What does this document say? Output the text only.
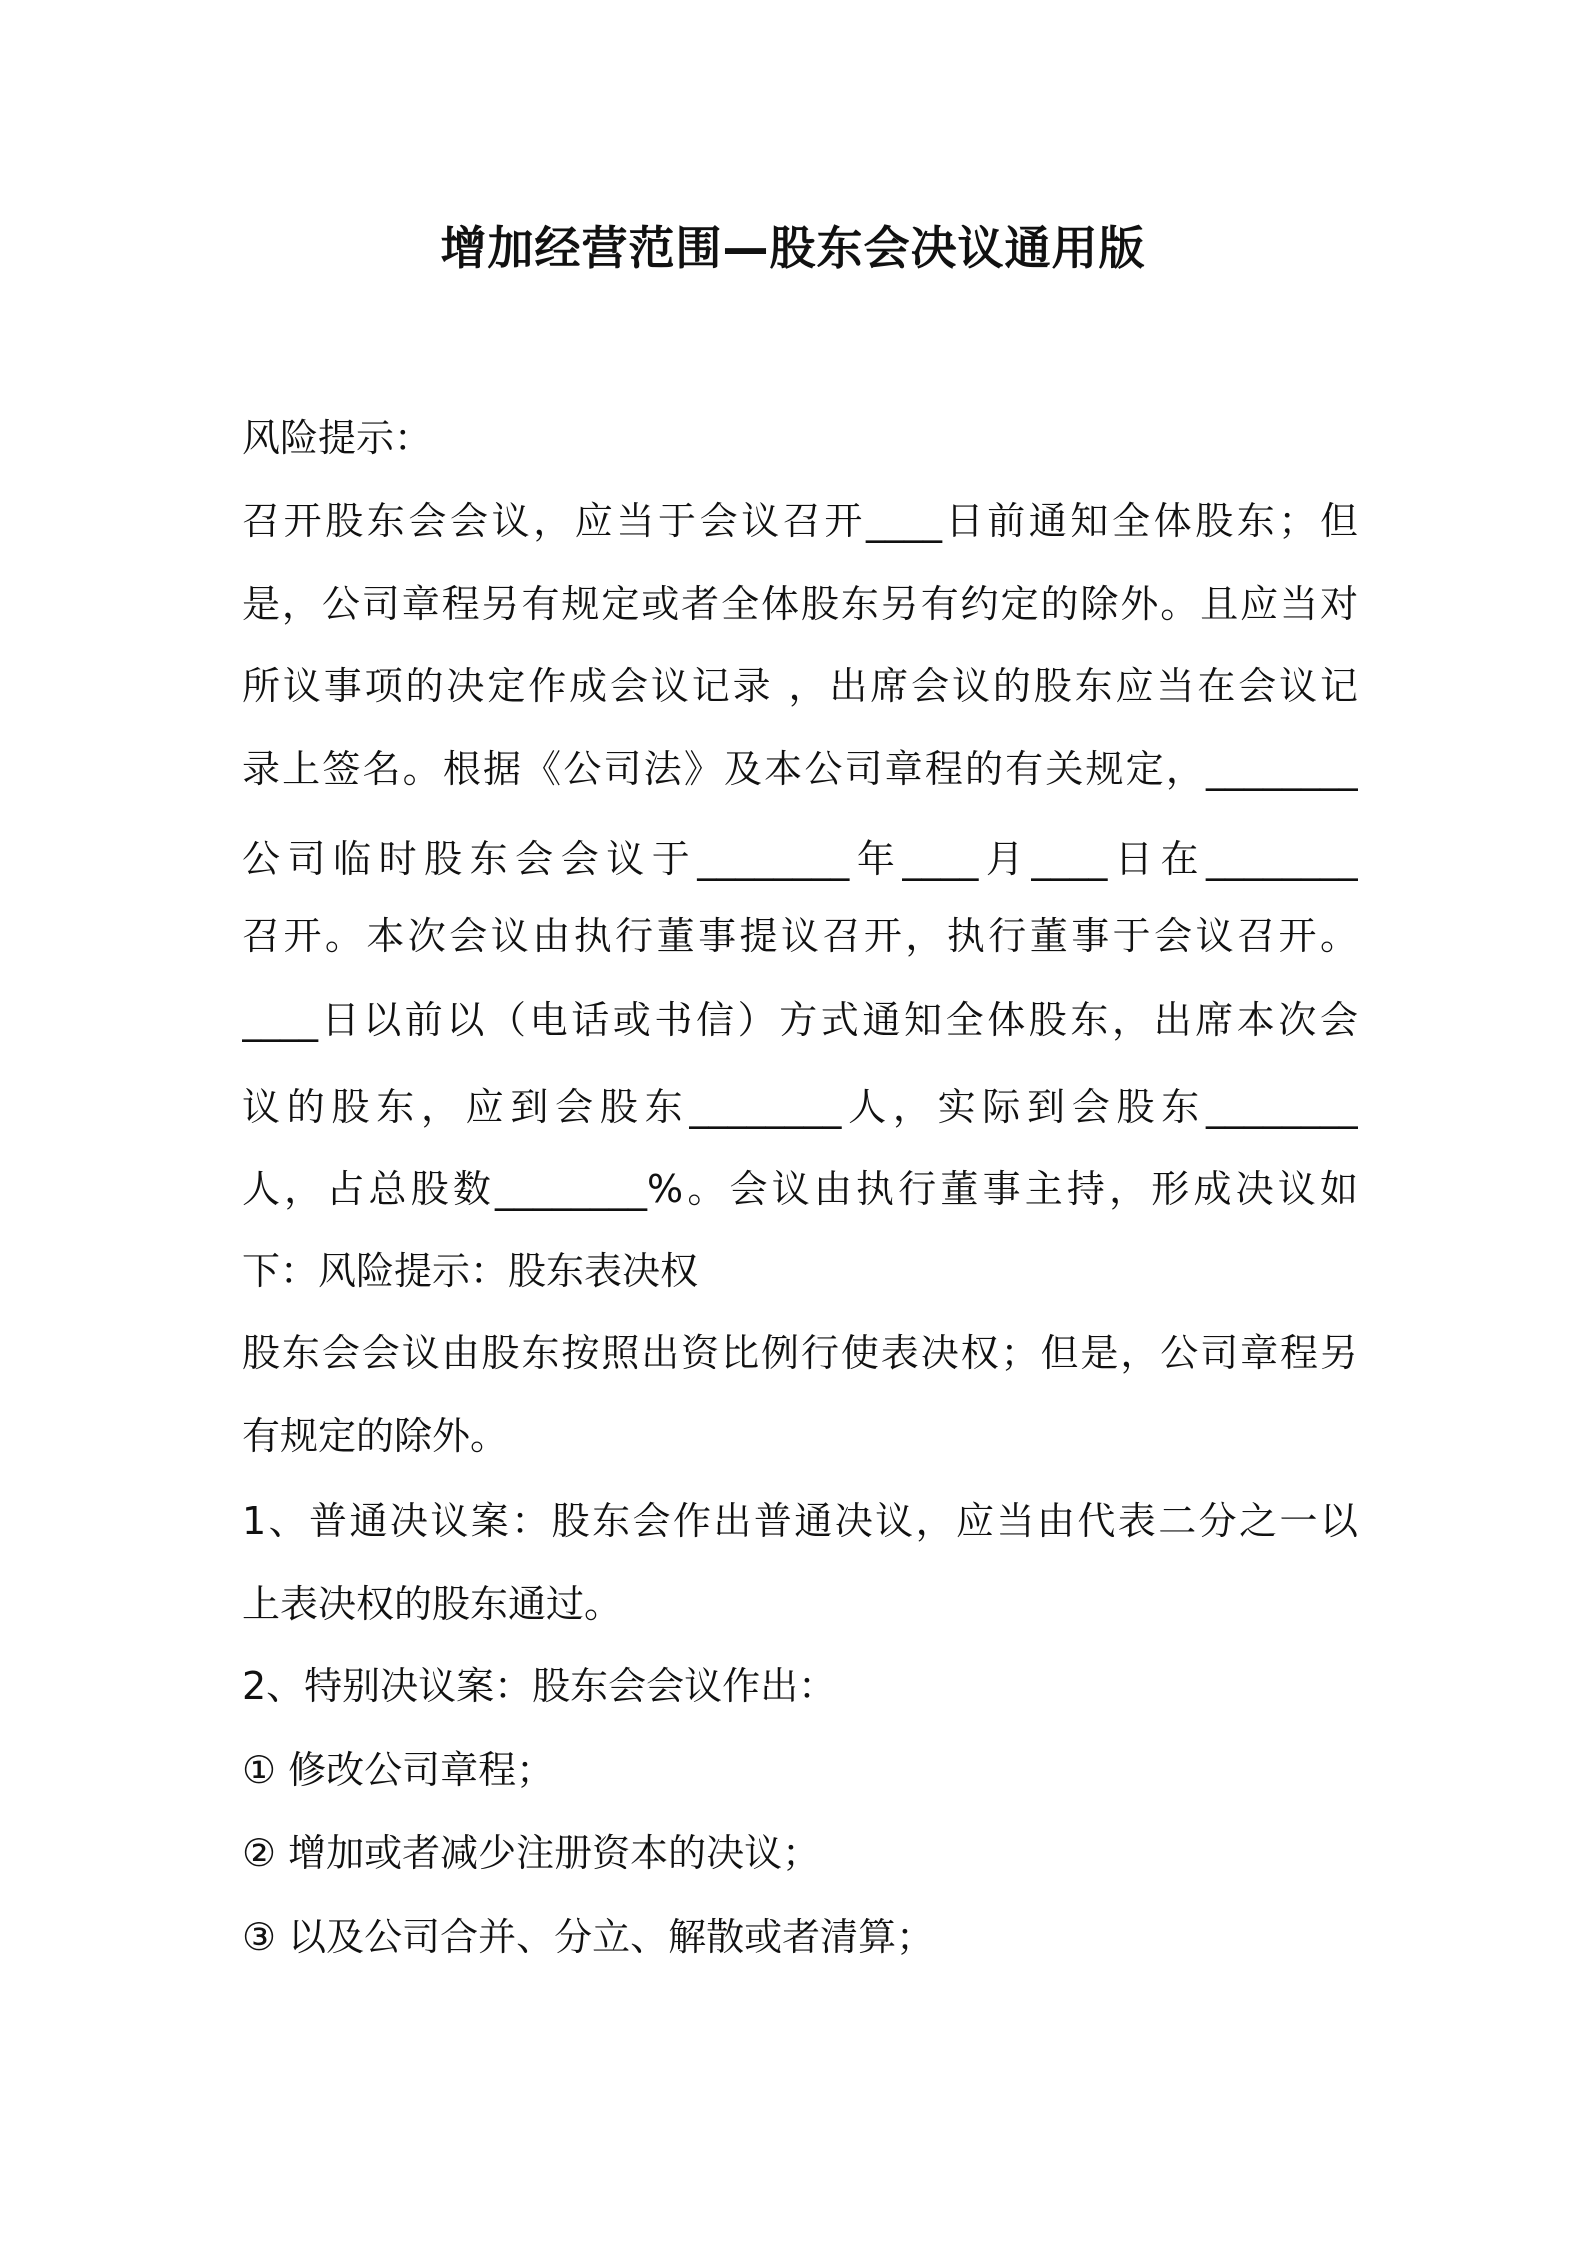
增加经营范围—股东会决议通用版

风险提示：

召开股东会会议，应当于会议召开____日前通知全体股东；但

是，公司章程另有规定或者全体股东另有约定的除外。且应当对

所议事项的决定作成会议记录 ，出席会议的股东应当在会议记

录上签名。根据《公司法》及本公司章程的有关规定，________

公司临时股东会会议于________年____月____日在________

召开。本次会议由执行董事提议召开，执行董事于会议召开。

____日以前以（电话或书信）方式通知全体股东，出席本次会

议的股东，应到会股东________人，实际到会股东________

人，占总股数________%。会议由执行董事主持，形成决议如

下：风险提示：股东表决权

股东会会议由股东按照出资比例行使表决权；但是，公司章程另

有规定的除外。

1、普通决议案：股东会作出普通决议，应当由代表二分之一以

上表决权的股东通过。

2、特别决议案：股东会会议作出：

① 修改公司章程；

② 增加或者减少注册资本的决议；

③ 以及公司合并、分立、解散或者清算；
